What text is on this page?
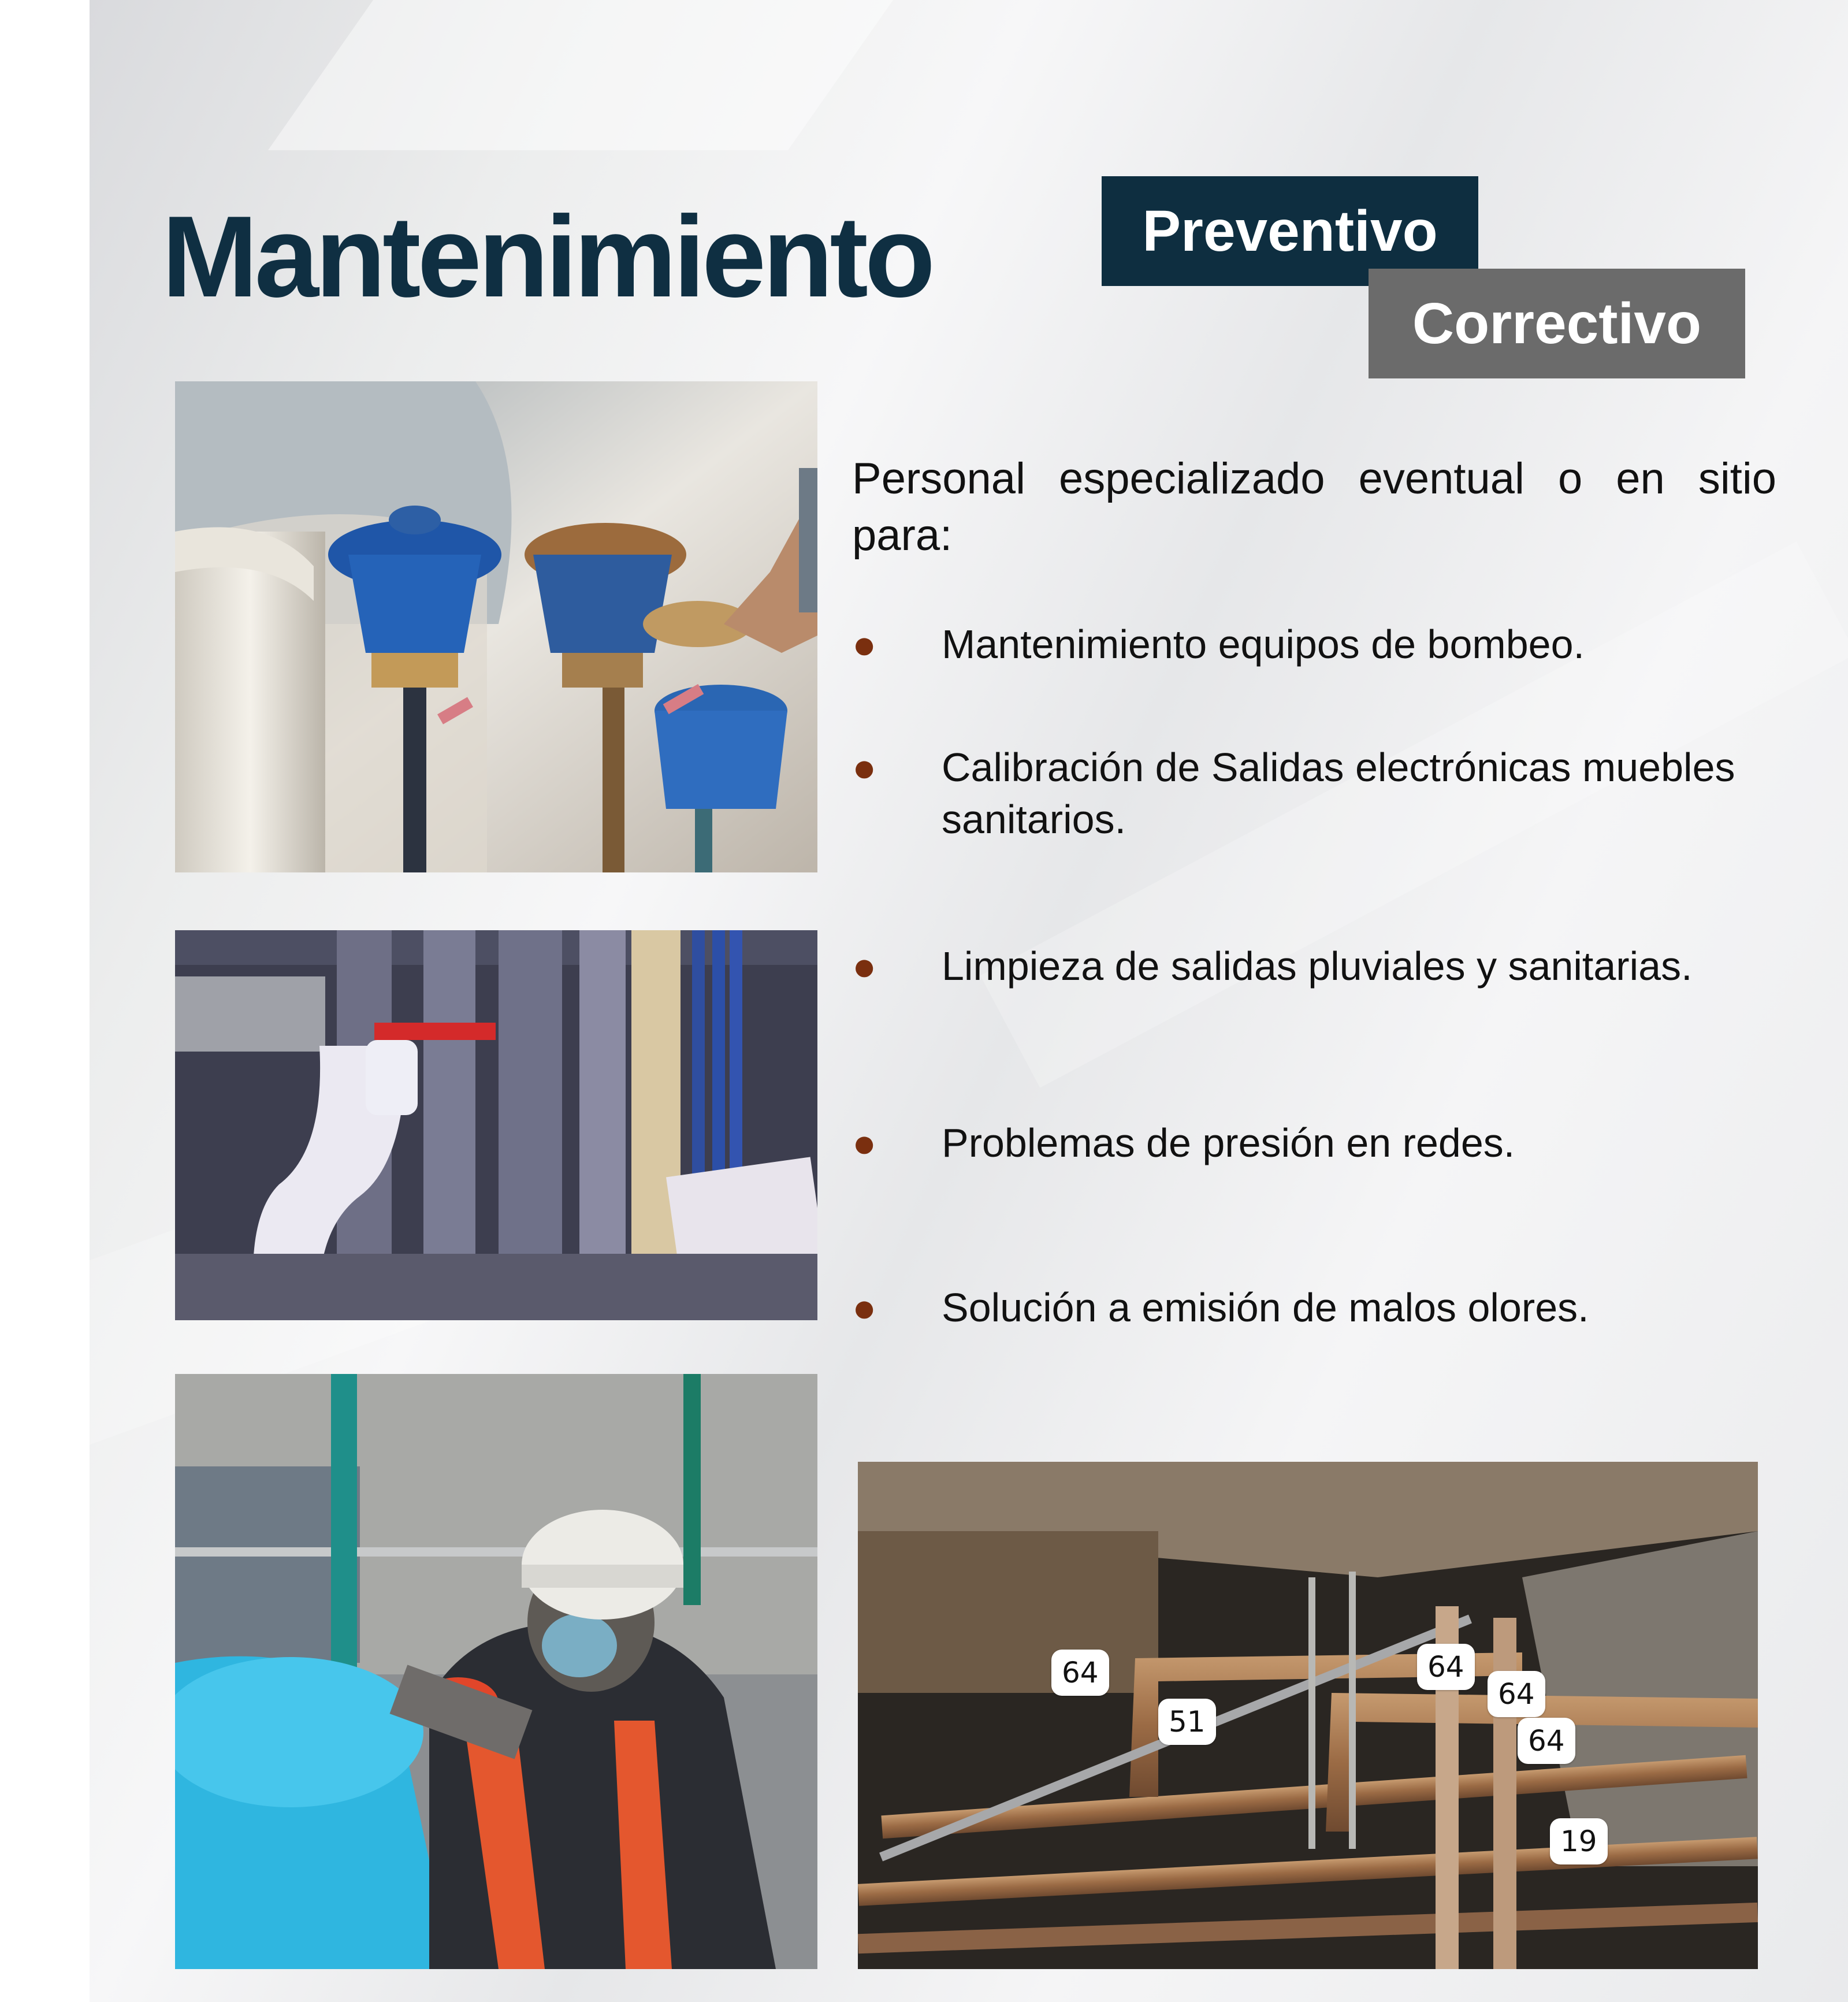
Mantenimiento	Preventivo
Correctivo
64
51
64
64
64
19
Personal especializado eventual o en sitio para:
● Mantenimiento equipos de bombeo.
● Calibración de Salidas electrónicas muebles sanitarios.
● Limpieza de salidas pluviales y sanitarias.
● Problemas de presión en redes.
● Solución a emisión de malos olores.
